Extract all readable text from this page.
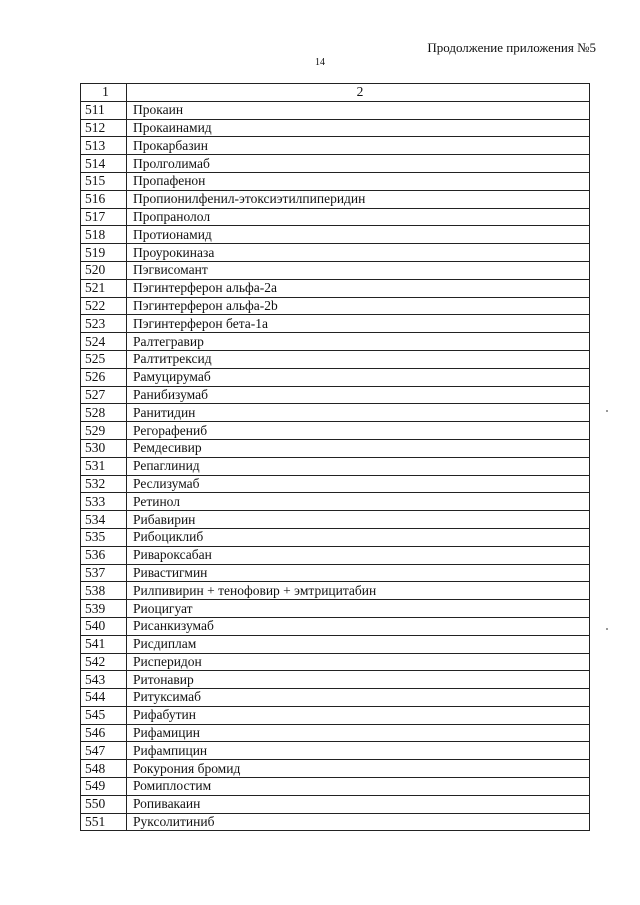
Продолжение приложения №5
14
1	2
511	Прокаин
512	Прокаинамид
513	Прокарбазин
514	Пролголимаб
515	Пропафенон
516	Пропионилфенил-этоксиэтилпиперидин
517	Пропранолол
518	Протионамид
519	Проурокиназа
520	Пэгвисомант
521	Пэгинтерферон альфа-2а
522	Пэгинтерферон альфа-2b
523	Пэгинтерферон бета-1а
524	Ралтегравир
525	Ралтитрексид
526	Рамуцирумаб
527	Ранибизумаб
528	Ранитидин
529	Регорафениб
530	Ремдесивир
531	Репаглинид
532	Реслизумаб
533	Ретинол
534	Рибавирин
535	Рибоциклиб
536	Ривароксабан
537	Ривастигмин
538	Рилпивирин + тенофовир + эмтрицитабин
539	Риоцигуат
540	Рисанкизумаб
541	Рисдиплам
542	Рисперидон
543	Ритонавир
544	Ритуксимаб
545	Рифабутин
546	Рифамицин
547	Рифампицин
548	Рокурония бромид
549	Ромиплостим
550	Ропивакаин
551	Руксолитиниб
